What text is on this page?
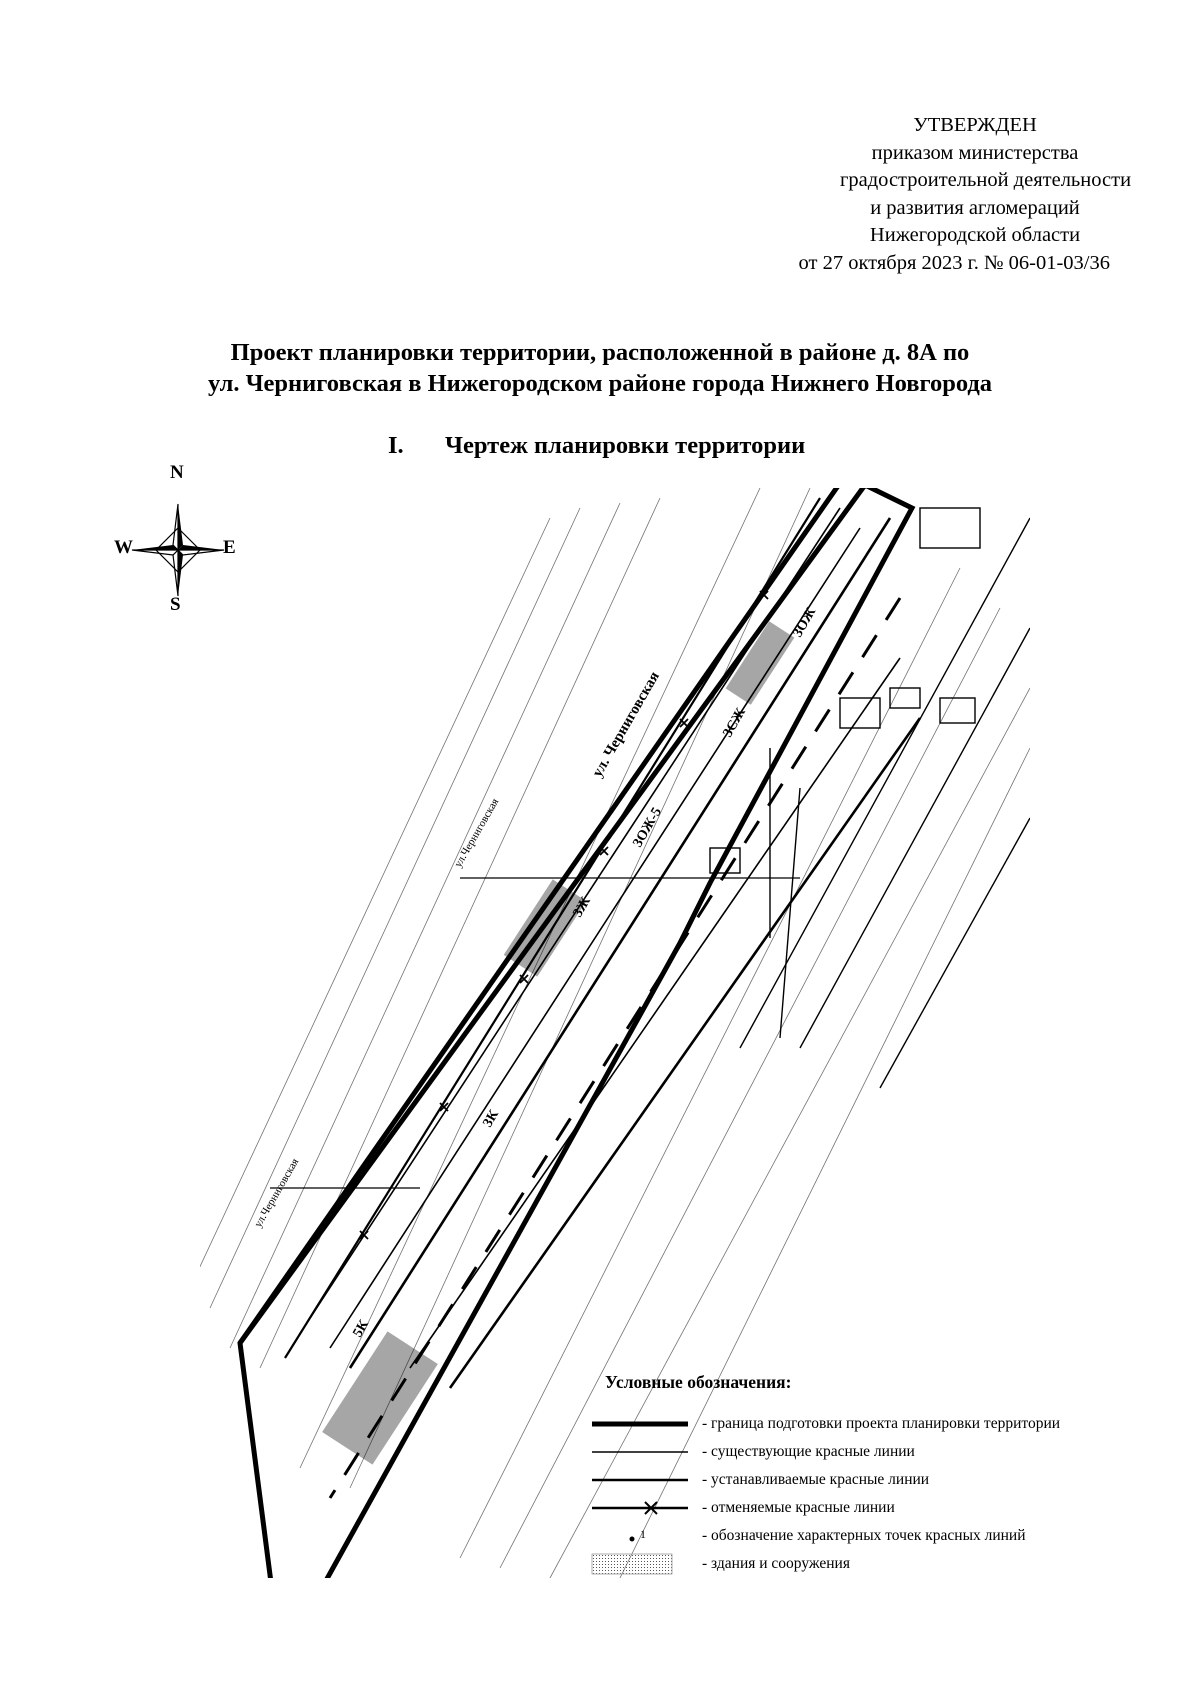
УТВЕРЖДЕН
приказом министерства
градостроительной деятельности
и развития агломераций
Нижегородской области
от 27 октября 2023 г. № 06-01-03/36
Проект планировки территории, расположенной в районе д. 8А по
ул. Черниговская в Нижегородском районе города Нижнего Новгорода
I. Чертеж планировки территории
N
S
W	E
3ОЖ
3ОЖ-5
3Ж
3СЖ
3К
5К
ул. Черниговская
ул.Черниговская
ул.Черниговская
Условные обозначения:
- граница подготовки проекта планировки территории
- существующие красные линии
- устанавливаемые красные линии
- отменяемые красные линии
1	- обозначение характерных точек красных линий
- здания и сооружения
